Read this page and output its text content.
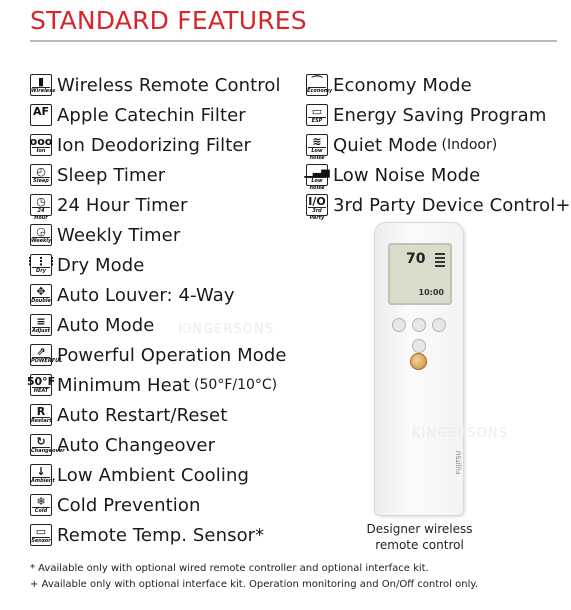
STANDARD FEATURES
▮
Wireless Wireless Remote Control
AF Apple Catechin Filter
ooo
Ion Ion Deodorizing Filter
◴
Sleep Sleep Timer
◷
24 Hour
24 Hour Timer
◶
Weekly Weekly Timer
⋮⋮⋮
Dry Dry Mode
✥
Double Auto Louver: 4-Way
≡
Adjust Auto Mode
⇗
POWERFUL
Powerful Operation Mode
50°F
HEAT Minimum Heat (50°F/10°C)
R
Restart Auto Restart/Reset
↻
Changeover
Auto Changeover
↓
Ambient Low Ambient Cooling
❄
Cold Cold Prevention
▭
Sensor Remote Temp. Sensor*
⌒
Economy Economy Mode
▭
ESP Energy Saving Program
≋
Low noise
Quiet Mode (Indoor)
▁▃▅
Low noise
Low Noise Mode
I/O
3rd Party
3rd Party Device Control+
70
10:00
FUJITSU
Designer wireless
remote control
* Available only with optional wired remote controller and optional interface kit.
+ Available only with optional interface kit. Operation monitoring and On/Off control only.
KINGERSONS
KINGERSONS
